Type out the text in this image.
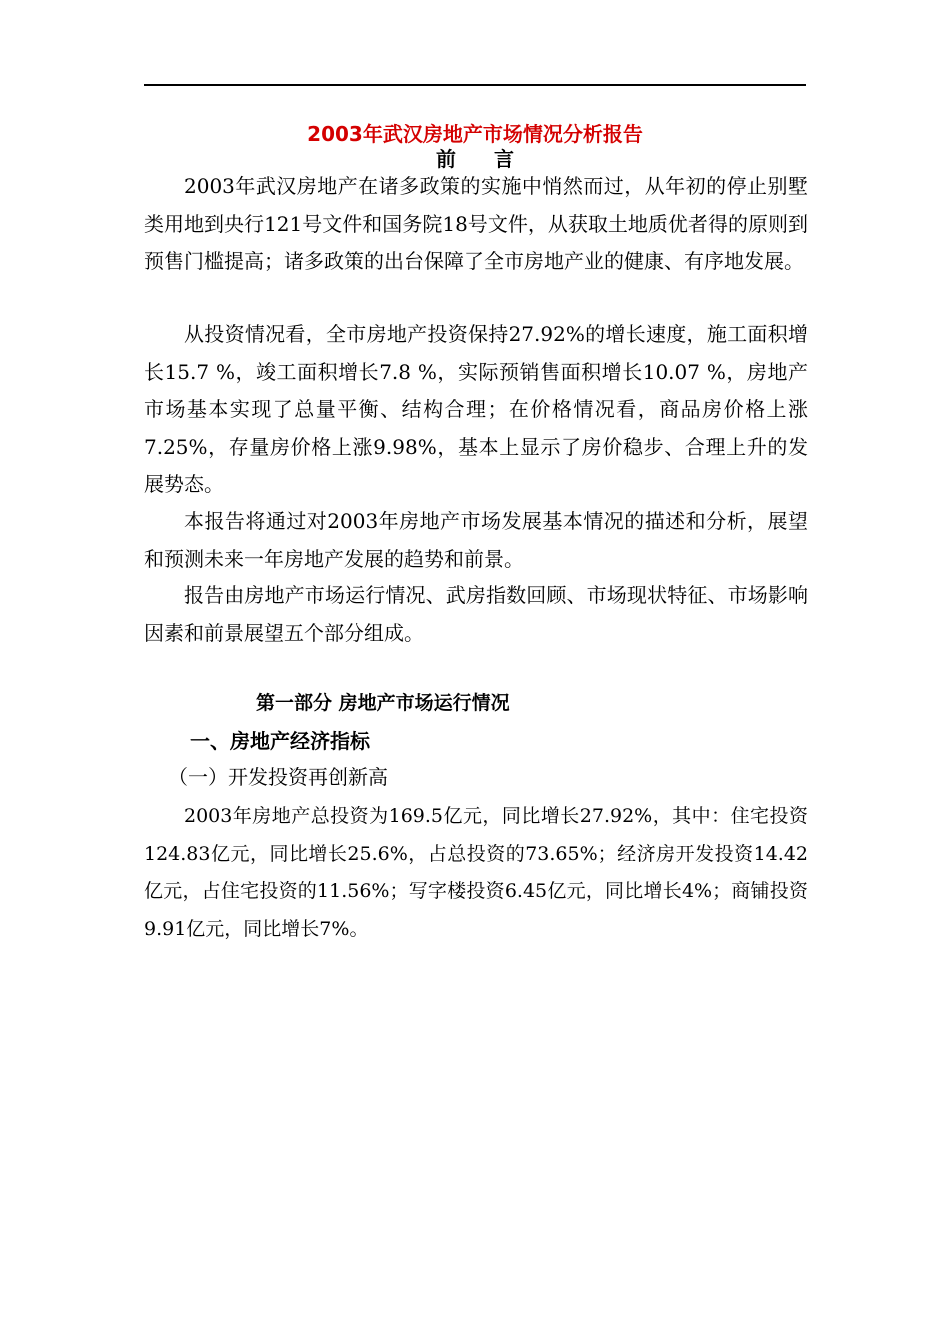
2003年武汉房地产市场情况分析报告
前言

2003年武汉房地产在诸多政策的实施中悄然而过，从年初的停止别墅类用地到央行121号文件和国务院18号文件，从获取土地质优者得的原则到预售门槛提高；诸多政策的出台保障了全市房地产业的健康、有序地发展。

从投资情况看，全市房地产投资保持27.92%的增长速度，施工面积增长15.7 %，竣工面积增长7.8 %，实际预销售面积增长10.07 %，房地产市场基本实现了总量平衡、结构合理；在价格情况看，商品房价格上涨7.25%，存量房价格上涨9.98%，基本上显示了房价稳步、合理上升的发展势态。

本报告将通过对2003年房地产市场发展基本情况的描述和分析，展望和预测未来一年房地产发展的趋势和前景。

报告由房地产市场运行情况、武房指数回顾、市场现状特征、市场影响因素和前景展望五个部分组成。

第一部分 房地产市场运行情况
一、房地产经济指标
（一）开发投资再创新高

2003年房地产总投资为169.5亿元，同比增长27.92%，其中：住宅投资124.83亿元，同比增长25.6%，占总投资的73.65%；经济房开发投资14.42亿元，占住宅投资的11.56%；写字楼投资6.45亿元，同比增长4%；商铺投资9.91亿元，同比增长7%。
